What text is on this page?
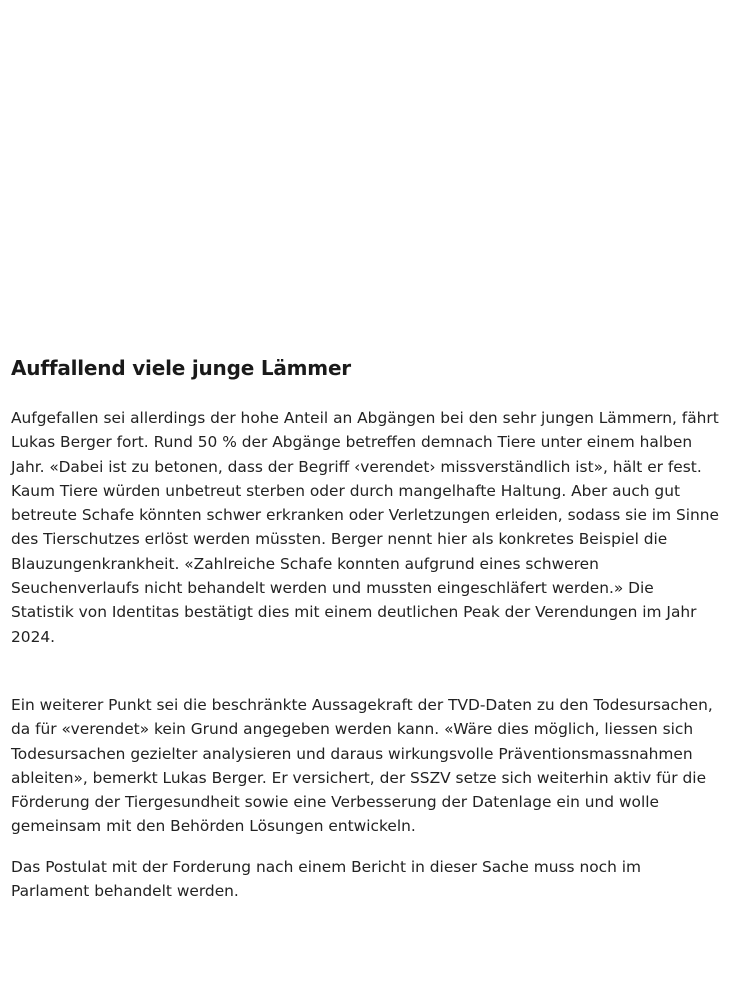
Auffallend viele junge Lämmer

Aufgefallen sei allerdings der hohe Anteil an Abgängen bei den sehr jungen Lämmern, fährt
Lukas Berger fort. Rund 50 % der Abgänge betreffen demnach Tiere unter einem halben
Jahr. «Dabei ist zu betonen, dass der Begriff ‹verendet› missverständlich ist», hält er fest.
Kaum Tiere würden unbetreut sterben oder durch mangelhafte Haltung. Aber auch gut
betreute Schafe könnten schwer erkranken oder Verletzungen erleiden, sodass sie im Sinne
des Tierschutzes erlöst werden müssten. Berger nennt hier als konkretes Beispiel die
Blauzungenkrankheit. «Zahlreiche Schafe konnten aufgrund eines schweren
Seuchenverlaufs nicht behandelt werden und mussten eingeschläfert werden.» Die
Statistik von Identitas bestätigt dies mit einem deutlichen Peak der Verendungen im Jahr
2024.

Ein weiterer Punkt sei die beschränkte Aussagekraft der TVD-Daten zu den Todesursachen,
da für «verendet» kein Grund angegeben werden kann. «Wäre dies möglich, liessen sich
Todesursachen gezielter analysieren und daraus wirkungsvolle Präventionsmassnahmen
ableiten», bemerkt Lukas Berger. Er versichert, der SSZV setze sich weiterhin aktiv für die
Förderung der Tiergesundheit sowie eine Verbesserung der Datenlage ein und wolle
gemeinsam mit den Behörden Lösungen entwickeln.

Das Postulat mit der Forderung nach einem Bericht in dieser Sache muss noch im
Parlament behandelt werden.
